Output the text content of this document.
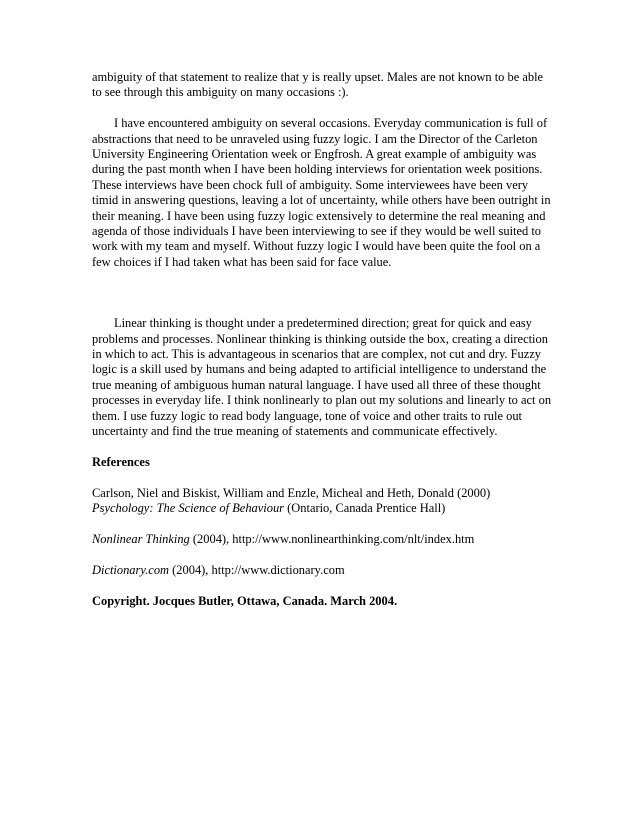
ambiguity of that statement to realize that y is really upset. Males are not known to be able to see through this ambiguity on many occasions :).

I have encountered ambiguity on several occasions. Everyday communication is full of abstractions that need to be unraveled using fuzzy logic. I am the Director of the Carleton University Engineering Orientation week or Engfrosh. A great example of ambiguity was during the past month when I have been holding interviews for orientation week positions. These interviews have been chock full of ambiguity. Some interviewees have been very timid in answering questions, leaving a lot of uncertainty, while others have been outright in their meaning. I have been using fuzzy logic extensively to determine the real meaning and agenda of those individuals I have been interviewing to see if they would be well suited to work with my team and myself. Without fuzzy logic I would have been quite the fool on a few choices if I had taken what has been said for face value.

Linear thinking is thought under a predetermined direction; great for quick and easy problems and processes. Nonlinear thinking is thinking outside the box, creating a direction in which to act. This is advantageous in scenarios that are complex, not cut and dry. Fuzzy logic is a skill used by humans and being adapted to artificial intelligence to understand the true meaning of ambiguous human natural language. I have used all three of these thought processes in everyday life. I think nonlinearly to plan out my solutions and linearly to act on them. I use fuzzy logic to read body language, tone of voice and other traits to rule out uncertainty and find the true meaning of statements and communicate effectively.

References

Carlson, Niel and Biskist, William and Enzle, Micheal and Heth, Donald (2000)
Psychology: The Science of Behaviour (Ontario, Canada Prentice Hall)
Nonlinear Thinking (2004), http://www.nonlinearthinking.com/nlt/index.htm
Dictionary.com (2004), http://www.dictionary.com

Copyright. Jocques Butler, Ottawa, Canada. March 2004.
